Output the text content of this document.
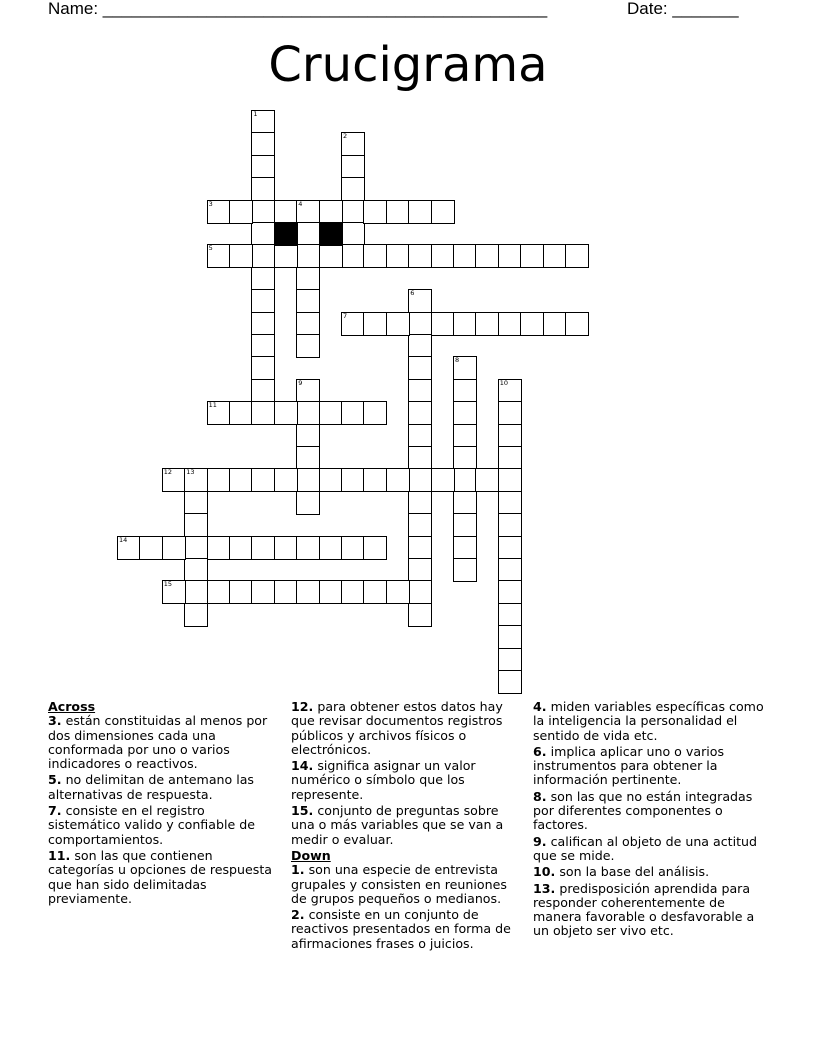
Name: _______________________________________________	Date: _______
Crucigrama
1
2
3	4
5
6
7
8
9	10
11
12 13
14
15
Across
3. están constituidas al menos por dos dimensiones cada una conformada por uno o varios indicadores o reactivos.
5. no delimitan de antemano las alternativas de respuesta.
7. consiste en el registro sistemático valido y confiable de comportamientos.
11. son las que contienen categorías u opciones de respuesta que han sido delimitadas previamente.
12. para obtener estos datos hay que revisar documentos registros públicos y archivos físicos o electrónicos.
14. significa asignar un valor numérico o símbolo que los represente.
15. conjunto de preguntas sobre una o más variables que se van a medir o evaluar.
Down
1. son una especie de entrevista grupales y consisten en reuniones de grupos pequeños o medianos.
2. consiste en un conjunto de reactivos presentados en forma de afirmaciones frases o juicios.
4. miden variables específicas como la inteligencia la personalidad el sentido de vida etc.
6. implica aplicar uno o varios instrumentos para obtener la información pertinente.
8. son las que no están integradas por diferentes componentes o factores.
9. califican al objeto de una actitud que se mide.
10. son la base del análisis.
13. predisposición aprendida para responder coherentemente de manera favorable o desfavorable a un objeto ser vivo etc.
